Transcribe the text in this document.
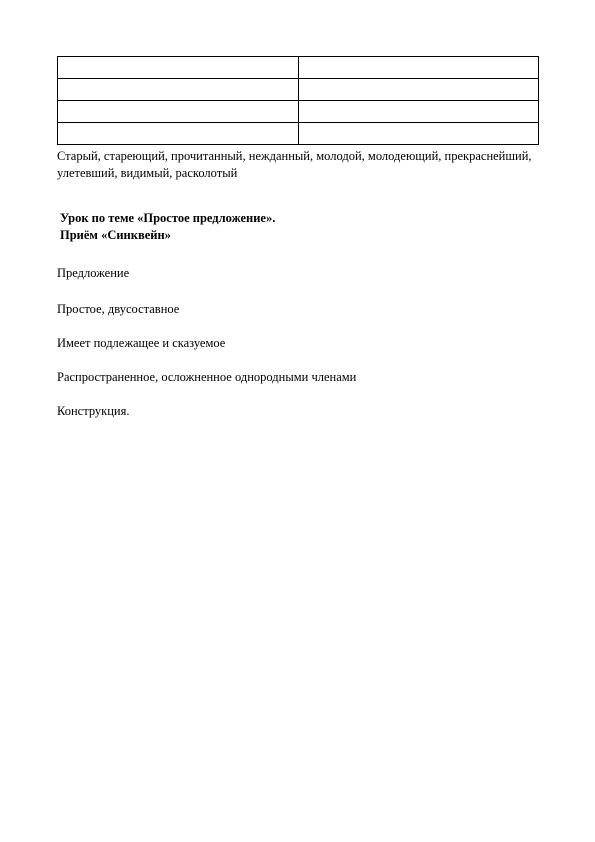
Старый, стареющий, прочитанный, нежданный, молодой, молодеющий, прекраснейший, улетевший, видимый, расколотый
Урок по теме «Простое предложение».
Приём «Синквейн»
Предложение
Простое, двусоставное
Имеет подлежащее и сказуемое
Распространенное, осложненное однородными членами
Конструкция.
